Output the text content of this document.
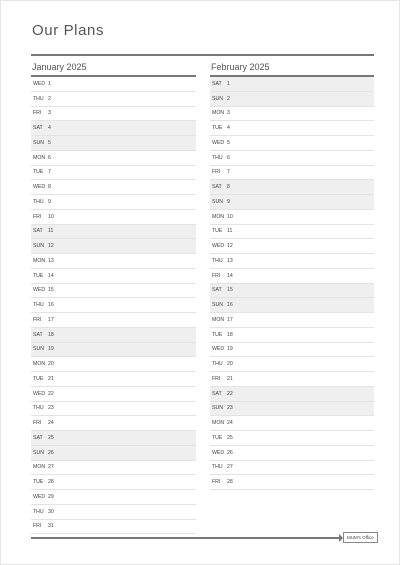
Our Plans
January 2025
WED 1
THU 2
FRI	3
SAT	4
SUN 5
MON 6
TUE 7
WED 8
THU 9
FRI	10
SAT	11
SUN 12
MON 13
TUE 14
WED 15
THU 16
FRI	17
SAT	18
SUN 19
MON 20
TUE 21
WED 22
THU 23
FRI	24
SAT	25
SUN 26
MON 27
TUE 28
WED 29
THU 30
FRI	31
February 2025
SAT	1
SUN 2
MON 3
TUE 4
WED 5
THU 6
FRI	7
SAT	8
SUN 9
MON 10
TUE 11
WED 12
THU 13
FRI	14
SAT	15
SUN 16
MON 17
TUE 18
WED 19
THU 20
FRI	21
SAT	22
SUN 23
MON 24
TUE 25
WED 26
THU 27
FRI	28
MUM's Office
